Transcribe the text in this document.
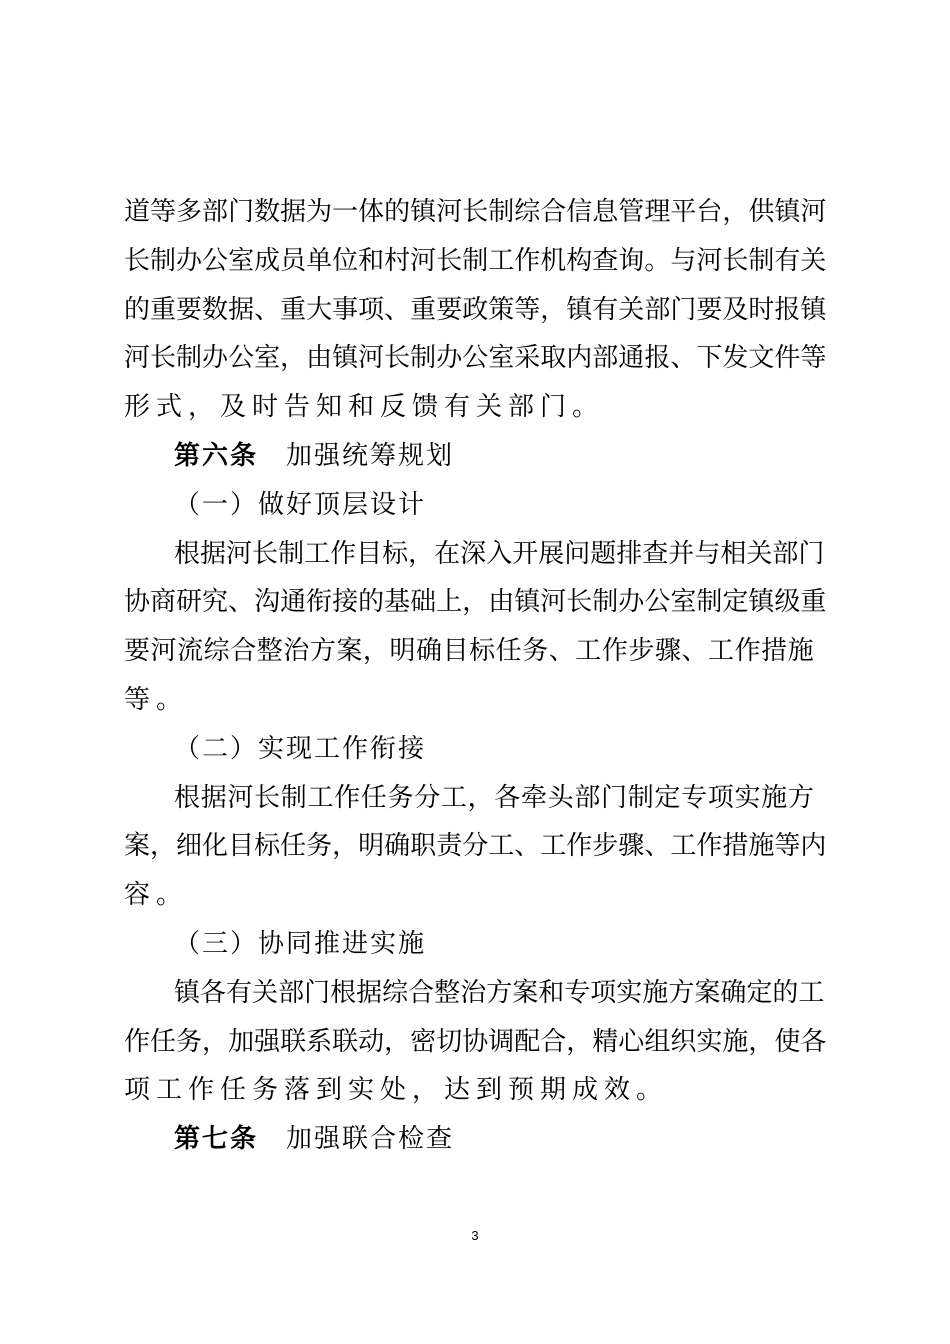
道 等 多 部 门 数 据 为 一 体 的 镇 河 长 制 综 合 信 息 管 理 平 台 ， 供 镇 河
长 制 办 公 室 成 员 单 位 和 村 河 长 制 工 作 机 构 查 询 。 与 河 长 制 有 关
的 重 要 数 据 、 重 大 事 项 、 重 要 政 策 等 ， 镇 有 关 部 门 要 及 时 报 镇
河 长 制 办 公 室 ， 由 镇 河 长 制 办 公 室 采 取 内 部 通 报 、 下 发 文 件 等
形式，及时告知和反馈有关部门。
第六条 加强统筹规划
（一）做好顶层设计
根 据 河 长 制 工 作 目 标 ， 在 深 入 开 展 问 题 排 查 并 与 相 关 部 门
协 商 研 究 、 沟 通 衔 接 的 基 础 上 ， 由 镇 河 长 制 办 公 室 制 定 镇 级 重
要 河 流 综 合 整 治 方 案 ， 明 确 目 标 任 务 、 工 作 步 骤 、 工 作 措 施
等。
（二）实现工作衔接
根 据 河 长 制 工 作 任 务 分 工 ， 各 牵 头 部 门 制 定 专 项 实 施 方
案 ， 细 化 目 标 任 务 ， 明 确 职 责 分 工 、 工 作 步 骤 、 工 作 措 施 等 内
容。
（三）协同推进实施
镇 各 有 关 部 门 根 据 综 合 整 治 方 案 和 专 项 实 施 方 案 确 定 的 工
作 任 务 ， 加 强 联 系 联 动 ， 密 切 协 调 配 合 ， 精 心 组 织 实 施 ， 使 各
项工作任务落到实处，达到预期成效。
第七条 加强联合检查
3
